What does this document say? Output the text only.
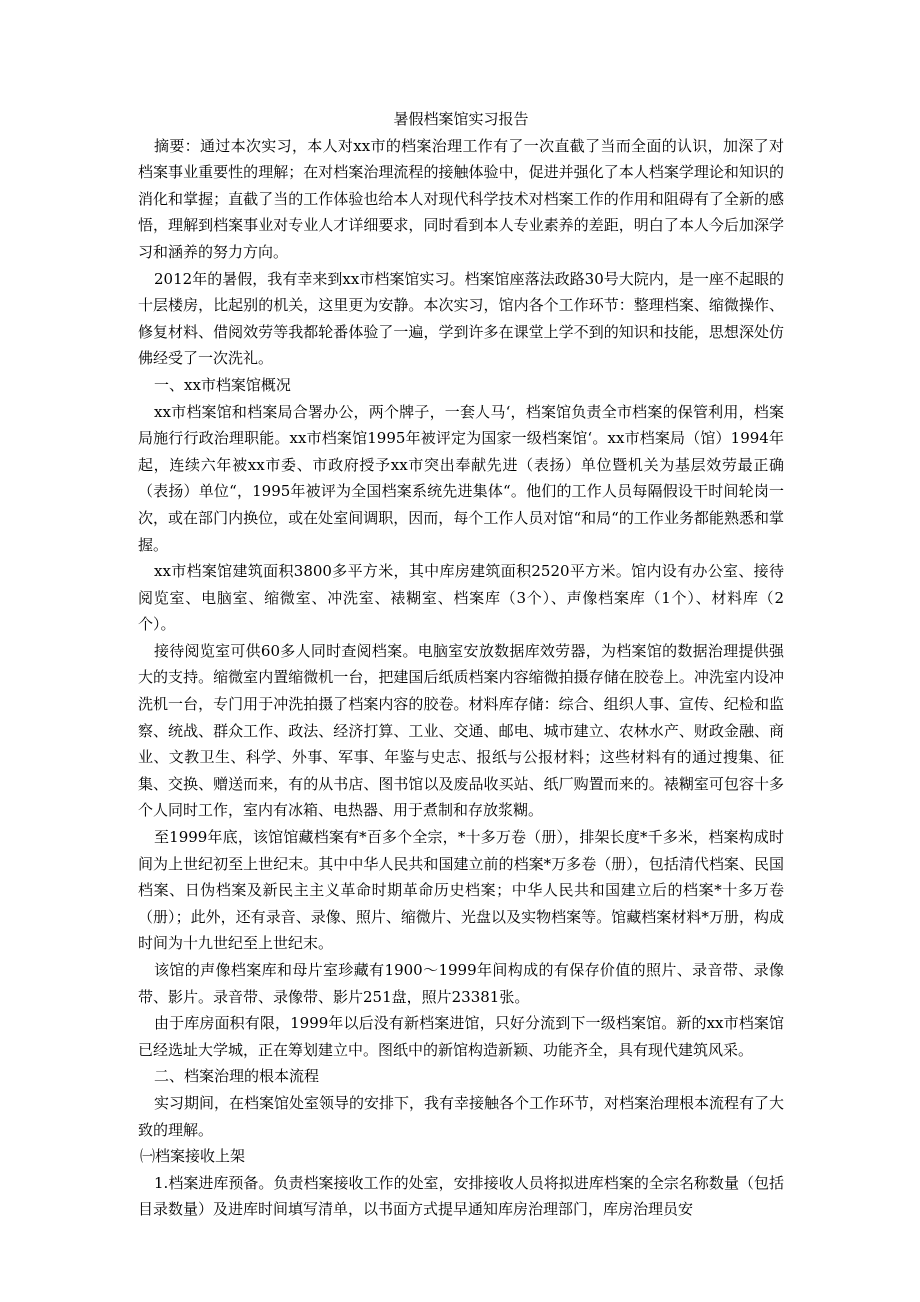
暑假档案馆实习报告

摘要：通过本次实习，本人对xx市的档案治理工作有了一次直截了当而全面的认识，加深了对档案事业重要性的理解；在对档案治理流程的接触体验中，促进并强化了本人档案学理论和知识的消化和掌握；直截了当的工作体验也给本人对现代科学技术对档案工作的作用和阻碍有了全新的感悟，理解到档案事业对专业人才详细要求，同时看到本人专业素养的差距，明白了本人今后加深学习和涵养的努力方向。

2012年的暑假，我有幸来到xx市档案馆实习。档案馆座落法政路30号大院内，是一座不起眼的十层楼房，比起别的机关，这里更为安静。本次实习，馆内各个工作环节：整理档案、缩微操作、修复材料、借阅效劳等我都轮番体验了一遍，学到许多在课堂上学不到的知识和技能，思想深处仿佛经受了一次洗礼。

一、xx市档案馆概况

xx市档案馆和档案局合署办公，两个牌子，一套人马‘，档案馆负责全市档案的保管利用，档案局施行行政治理职能。xx市档案馆1995年被评定为国家一级档案馆‘。xx市档案局（馆）1994年起，连续六年被xx市委、市政府授予xx市突出奉献先进（表扬）单位暨机关为基层效劳最正确（表扬）单位“，1995年被评为全国档案系统先进集体“。他们的工作人员每隔假设干时间轮岗一次，或在部门内换位，或在处室间调职，因而，每个工作人员对馆“和局“的工作业务都能熟悉和掌握。

xx市档案馆建筑面积3800多平方米，其中库房建筑面积2520平方米。馆内设有办公室、接待阅览室、电脑室、缩微室、冲洗室、裱糊室、档案库（3个）、声像档案库（1个）、材料库（2个）。

接待阅览室可供60多人同时查阅档案。电脑室安放数据库效劳器，为档案馆的数据治理提供强大的支持。缩微室内置缩微机一台，把建国后纸质档案内容缩微拍摄存储在胶卷上。冲洗室内设冲洗机一台，专门用于冲洗拍摄了档案内容的胶卷。材料库存储：综合、组织人事、宣传、纪检和监察、统战、群众工作、政法、经济打算、工业、交通、邮电、城市建立、农林水产、财政金融、商业、文教卫生、科学、外事、军事、年鉴与史志、报纸与公报材料；这些材料有的通过搜集、征集、交换、赠送而来，有的从书店、图书馆以及废品收买站、纸厂购置而来的。裱糊室可包容十多个人同时工作，室内有冰箱、电热器、用于煮制和存放浆糊。

至1999年底，该馆馆藏档案有*百多个全宗，*十多万卷（册），排架长度*千多米，档案构成时间为上世纪初至上世纪末。其中中华人民共和国建立前的档案*万多卷（册），包括清代档案、民国档案、日伪档案及新民主主义革命时期革命历史档案；中华人民共和国建立后的档案*十多万卷（册）；此外，还有录音、录像、照片、缩微片、光盘以及实物档案等。馆藏档案材料*万册，构成时间为十九世纪至上世纪末。

该馆的声像档案库和母片室珍藏有1900～1999年间构成的有保存价值的照片、录音带、录像带、影片。录音带、录像带、影片251盘，照片23381张。

由于库房面积有限，1999年以后没有新档案进馆，只好分流到下一级档案馆。新的xx市档案馆已经选址大学城，正在筹划建立中。图纸中的新馆构造新颖、功能齐全，具有现代建筑风采。

二、档案治理的根本流程

实习期间，在档案馆处室领导的安排下，我有幸接触各个工作环节，对档案治理根本流程有了大致的理解。

㈠档案接收上架

1.档案进库预备。负责档案接收工作的处室，安排接收人员将拟进库档案的全宗名称数量（包括目录数量）及进库时间填写清单，以书面方式提早通知库房治理部门，库房治理员安
